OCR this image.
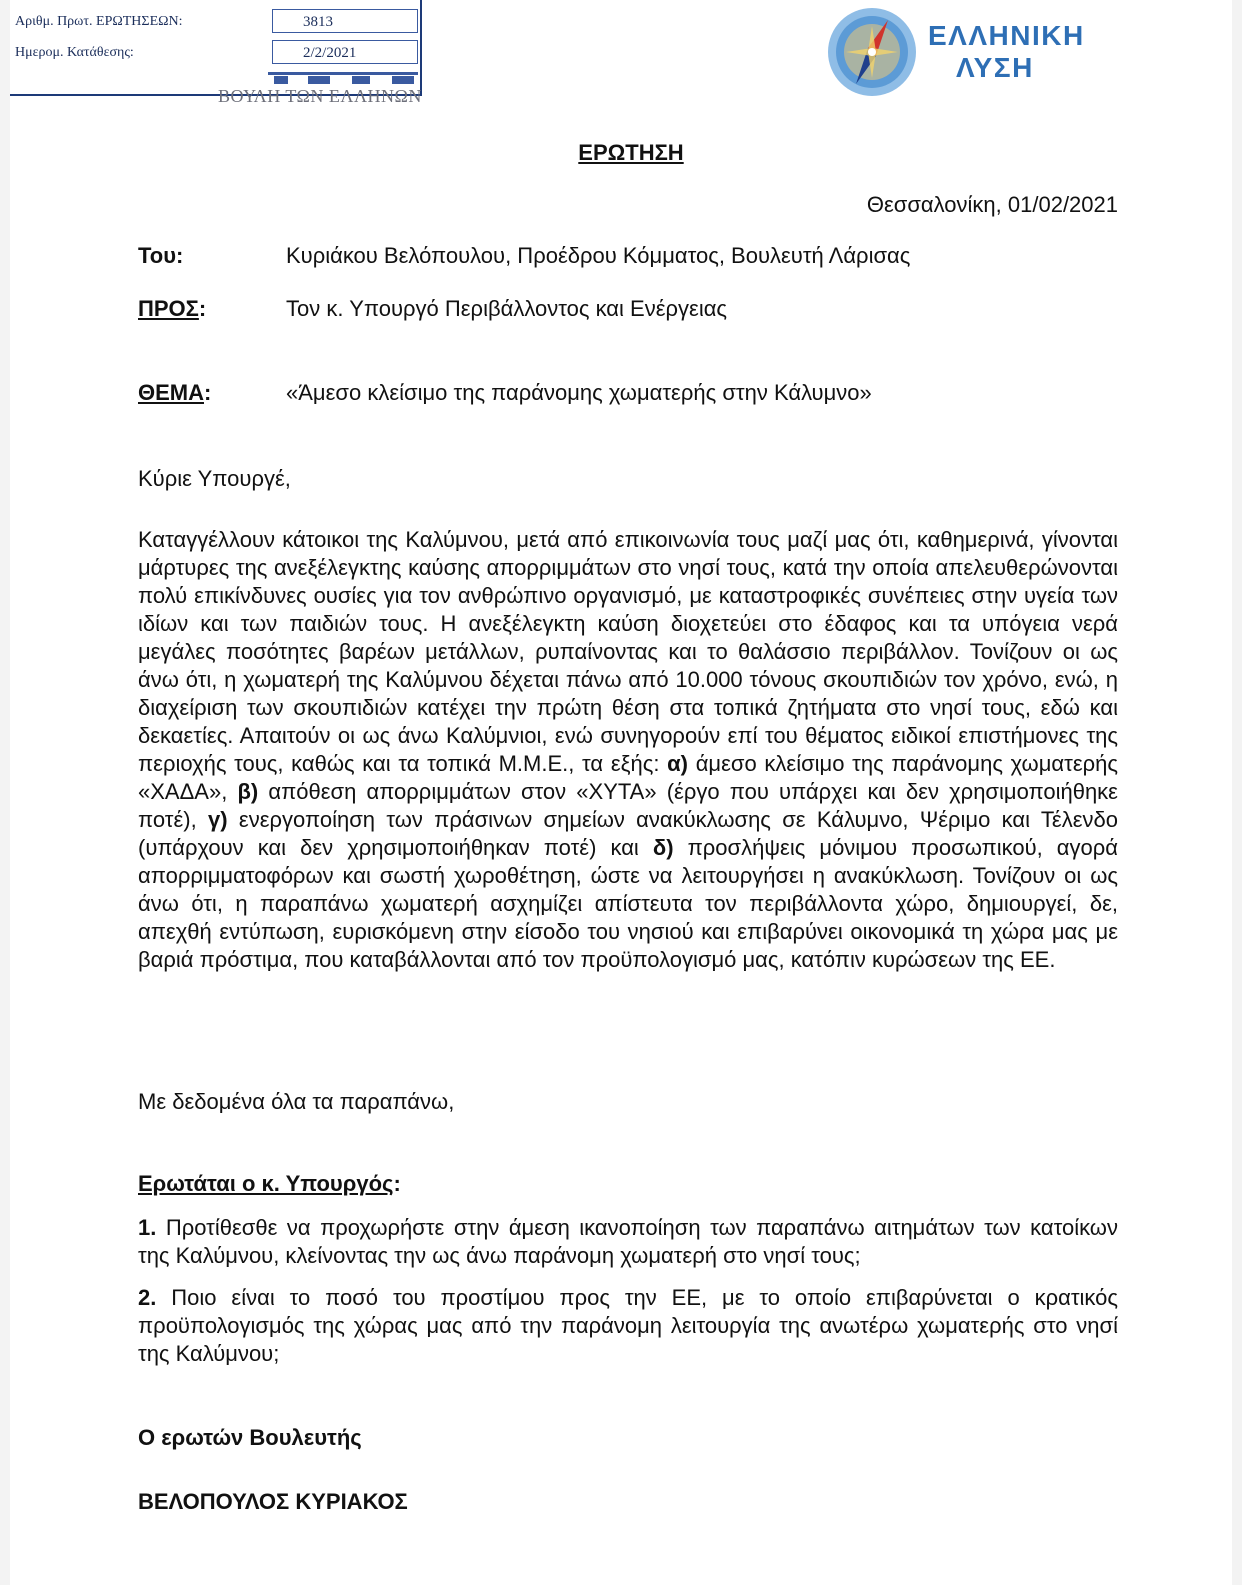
Αριθμ. Πρωτ. ΕΡΩΤΗΣΕΩΝ:	3813
Ημερομ. Κατάθεσης:	2/2/2021
ΒΟΥΛΗ ΤΩΝ ΕΛΛΗΝΩΝ
ΕΛΛΗΝΙΚΗ
ΛΥΣΗ
ΕΡΩΤΗΣΗ
Θεσσαλονίκη, 01/02/2021
Του:	Κυριάκου Βελόπουλου, Προέδρου Κόμματος, Βουλευτή Λάρισας
ΠΡΟΣ:	Τον κ. Υπουργό Περιβάλλοντος και Ενέργειας
ΘΕΜΑ:	«Άμεσο κλείσιμο της παράνομης χωματερής στην Κάλυμνο»
Κύριε Υπουργέ,
Καταγγέλλουν κάτοικοι της Καλύμνου, μετά από επικοινωνία τους μαζί μας ότι, καθημερινά, γίνονται μάρτυρες της ανεξέλεγκτης καύσης απορριμμάτων στο νησί τους, κατά την οποία απελευθερώνονται πολύ επικίνδυνες ουσίες για τον ανθρώπινο οργανισμό, με καταστροφικές συνέπειες στην υγεία των ιδίων και των παιδιών τους. Η ανεξέλεγκτη καύση διοχετεύει στο έδαφος και τα υπόγεια νερά μεγάλες ποσότητες βαρέων μετάλλων, ρυπαίνοντας και το θαλάσσιο περιβάλλον. Τονίζουν οι ως άνω ότι, η χωματερή της Καλύμνου δέχεται πάνω από 10.000 τόνους σκουπιδιών τον χρόνο, ενώ, η διαχείριση των σκουπιδιών κατέχει την πρώτη θέση στα τοπικά ζητήματα στο νησί τους, εδώ και δεκαετίες. Απαιτούν οι ως άνω Καλύμνιοι, ενώ συνηγορούν επί του θέματος ειδικοί επιστήμονες της περιοχής τους, καθώς και τα τοπικά Μ.Μ.Ε., τα εξής: α) άμεσο κλείσιμο της παράνομης χωματερής «ΧΑΔΑ», β) απόθεση απορριμμάτων στον «ΧΥΤΑ» (έργο που υπάρχει και δεν χρησιμοποιήθηκε ποτέ), γ) ενεργοποίηση των πράσινων σημείων ανακύκλωσης σε Κάλυμνο, Ψέριμο και Τέλενδο (υπάρχουν και δεν χρησιμοποιήθηκαν ποτέ) και δ) προσλήψεις μόνιμου προσωπικού, αγορά απορριμματοφόρων και σωστή χωροθέτηση, ώστε να λειτουργήσει η ανακύκλωση. Τονίζουν οι ως άνω ότι, η παραπάνω χωματερή ασχημίζει απίστευτα τον περιβάλλοντα χώρο, δημιουργεί, δε, απεχθή εντύπωση, ευρισκόμενη στην είσοδο του νησιού και επιβαρύνει οικονομικά τη χώρα μας με βαριά πρόστιμα, που καταβάλλονται από τον προϋπολογισμό μας, κατόπιν κυρώσεων της ΕΕ.
Με δεδομένα όλα τα παραπάνω,
Ερωτάται ο κ. Υπουργός:
1. Προτίθεσθε να προχωρήστε στην άμεση ικανοποίηση των παραπάνω αιτημάτων των κατοίκων της Καλύμνου, κλείνοντας την ως άνω παράνομη χωματερή στο νησί τους;
2. Ποιο είναι το ποσό του προστίμου προς την ΕΕ, με το οποίο επιβαρύνεται ο κρατικός προϋπολογισμός της χώρας μας από την παράνομη λειτουργία της ανωτέρω χωματερής στο νησί της Καλύμνου;
Ο ερωτών Βουλευτής
ΒΕΛΟΠΟΥΛΟΣ ΚΥΡΙΑΚΟΣ
